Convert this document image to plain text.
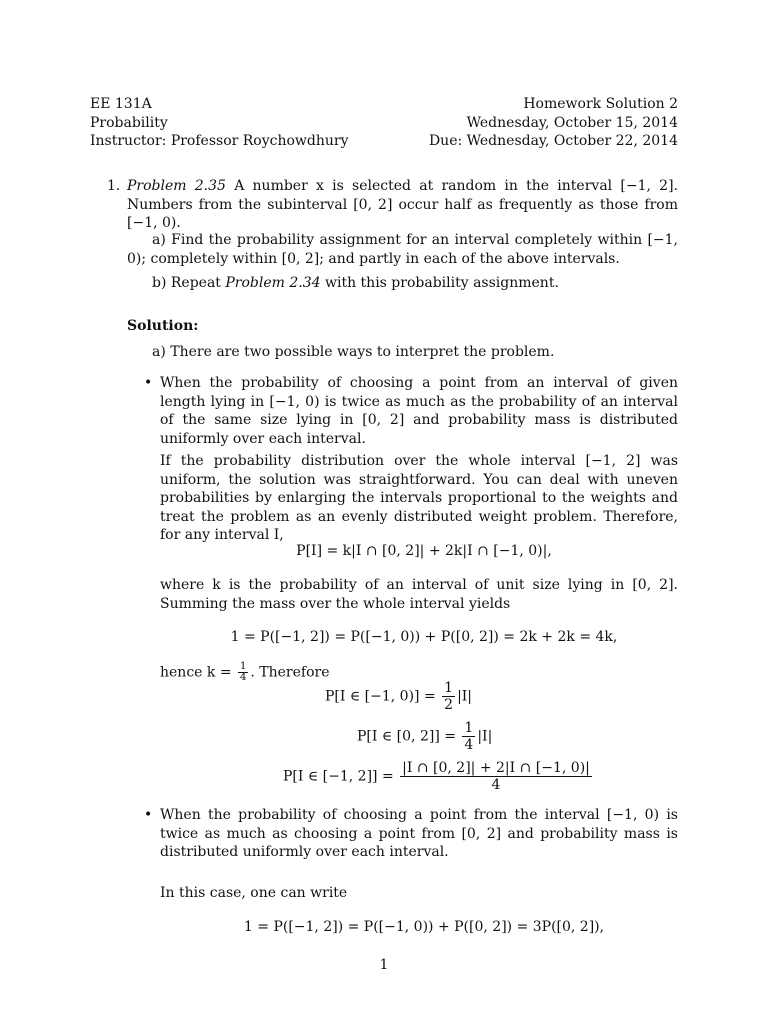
EE 131A
Probability
Instructor: Professor Roychowdhury
Homework Solution 2
Wednesday, October 15, 2014
Due: Wednesday, October 22, 2014
1. Problem 2.35 A number x is selected at random in the interval [−1, 2]. Numbers from the subinterval [0, 2] occur half as frequently as those from [−1, 0).
a) Find the probability assignment for an interval completely within [−1, 0); completely within [0, 2]; and partly in each of the above intervals.
b) Repeat Problem 2.34 with this probability assignment.
Solution:
a) There are two possible ways to interpret the problem.
• When the probability of choosing a point from an interval of given length lying in [−1, 0) is twice as much as the probability of an interval of the same size lying in [0, 2] and probability mass is distributed uniformly over each interval.
If the probability distribution over the whole interval [−1, 2] was uniform, the solution was straightforward. You can deal with uneven probabilities by enlarging the intervals proportional to the weights and treat the problem as an evenly distributed weight problem. Therefore, for any interval I,
P[I] = k|I ∩ [0, 2]| + 2k|I ∩ [−1, 0)|,
where k is the probability of an interval of unit size lying in [0, 2]. Summing the mass over the whole interval yields
1 = P([−1, 2]) = P([−1, 0)) + P([0, 2]) = 2k + 2k = 4k,
hence $k = \frac{1}{4}$ . Therefore
P[I ∈ [−1, $0)] = \frac{1}{2} |I|$
P[I ∈ [0, $2]] = \frac{1}{4} |I|$
P[I ∈ [−1, $2]] = \frac{|I \cap [0, 2]| + 2|I \cap [-1, 0)|}{4}$
• When the probability of choosing a point from the interval [−1, 0) is twice as much as choosing a point from [0, 2] and probability mass is distributed uniformly over each interval.
In this case, one can write
1 = P([−1, 2]) = P([−1, 0)) + P([0, 2]) = 3P([0, 2]),
1
